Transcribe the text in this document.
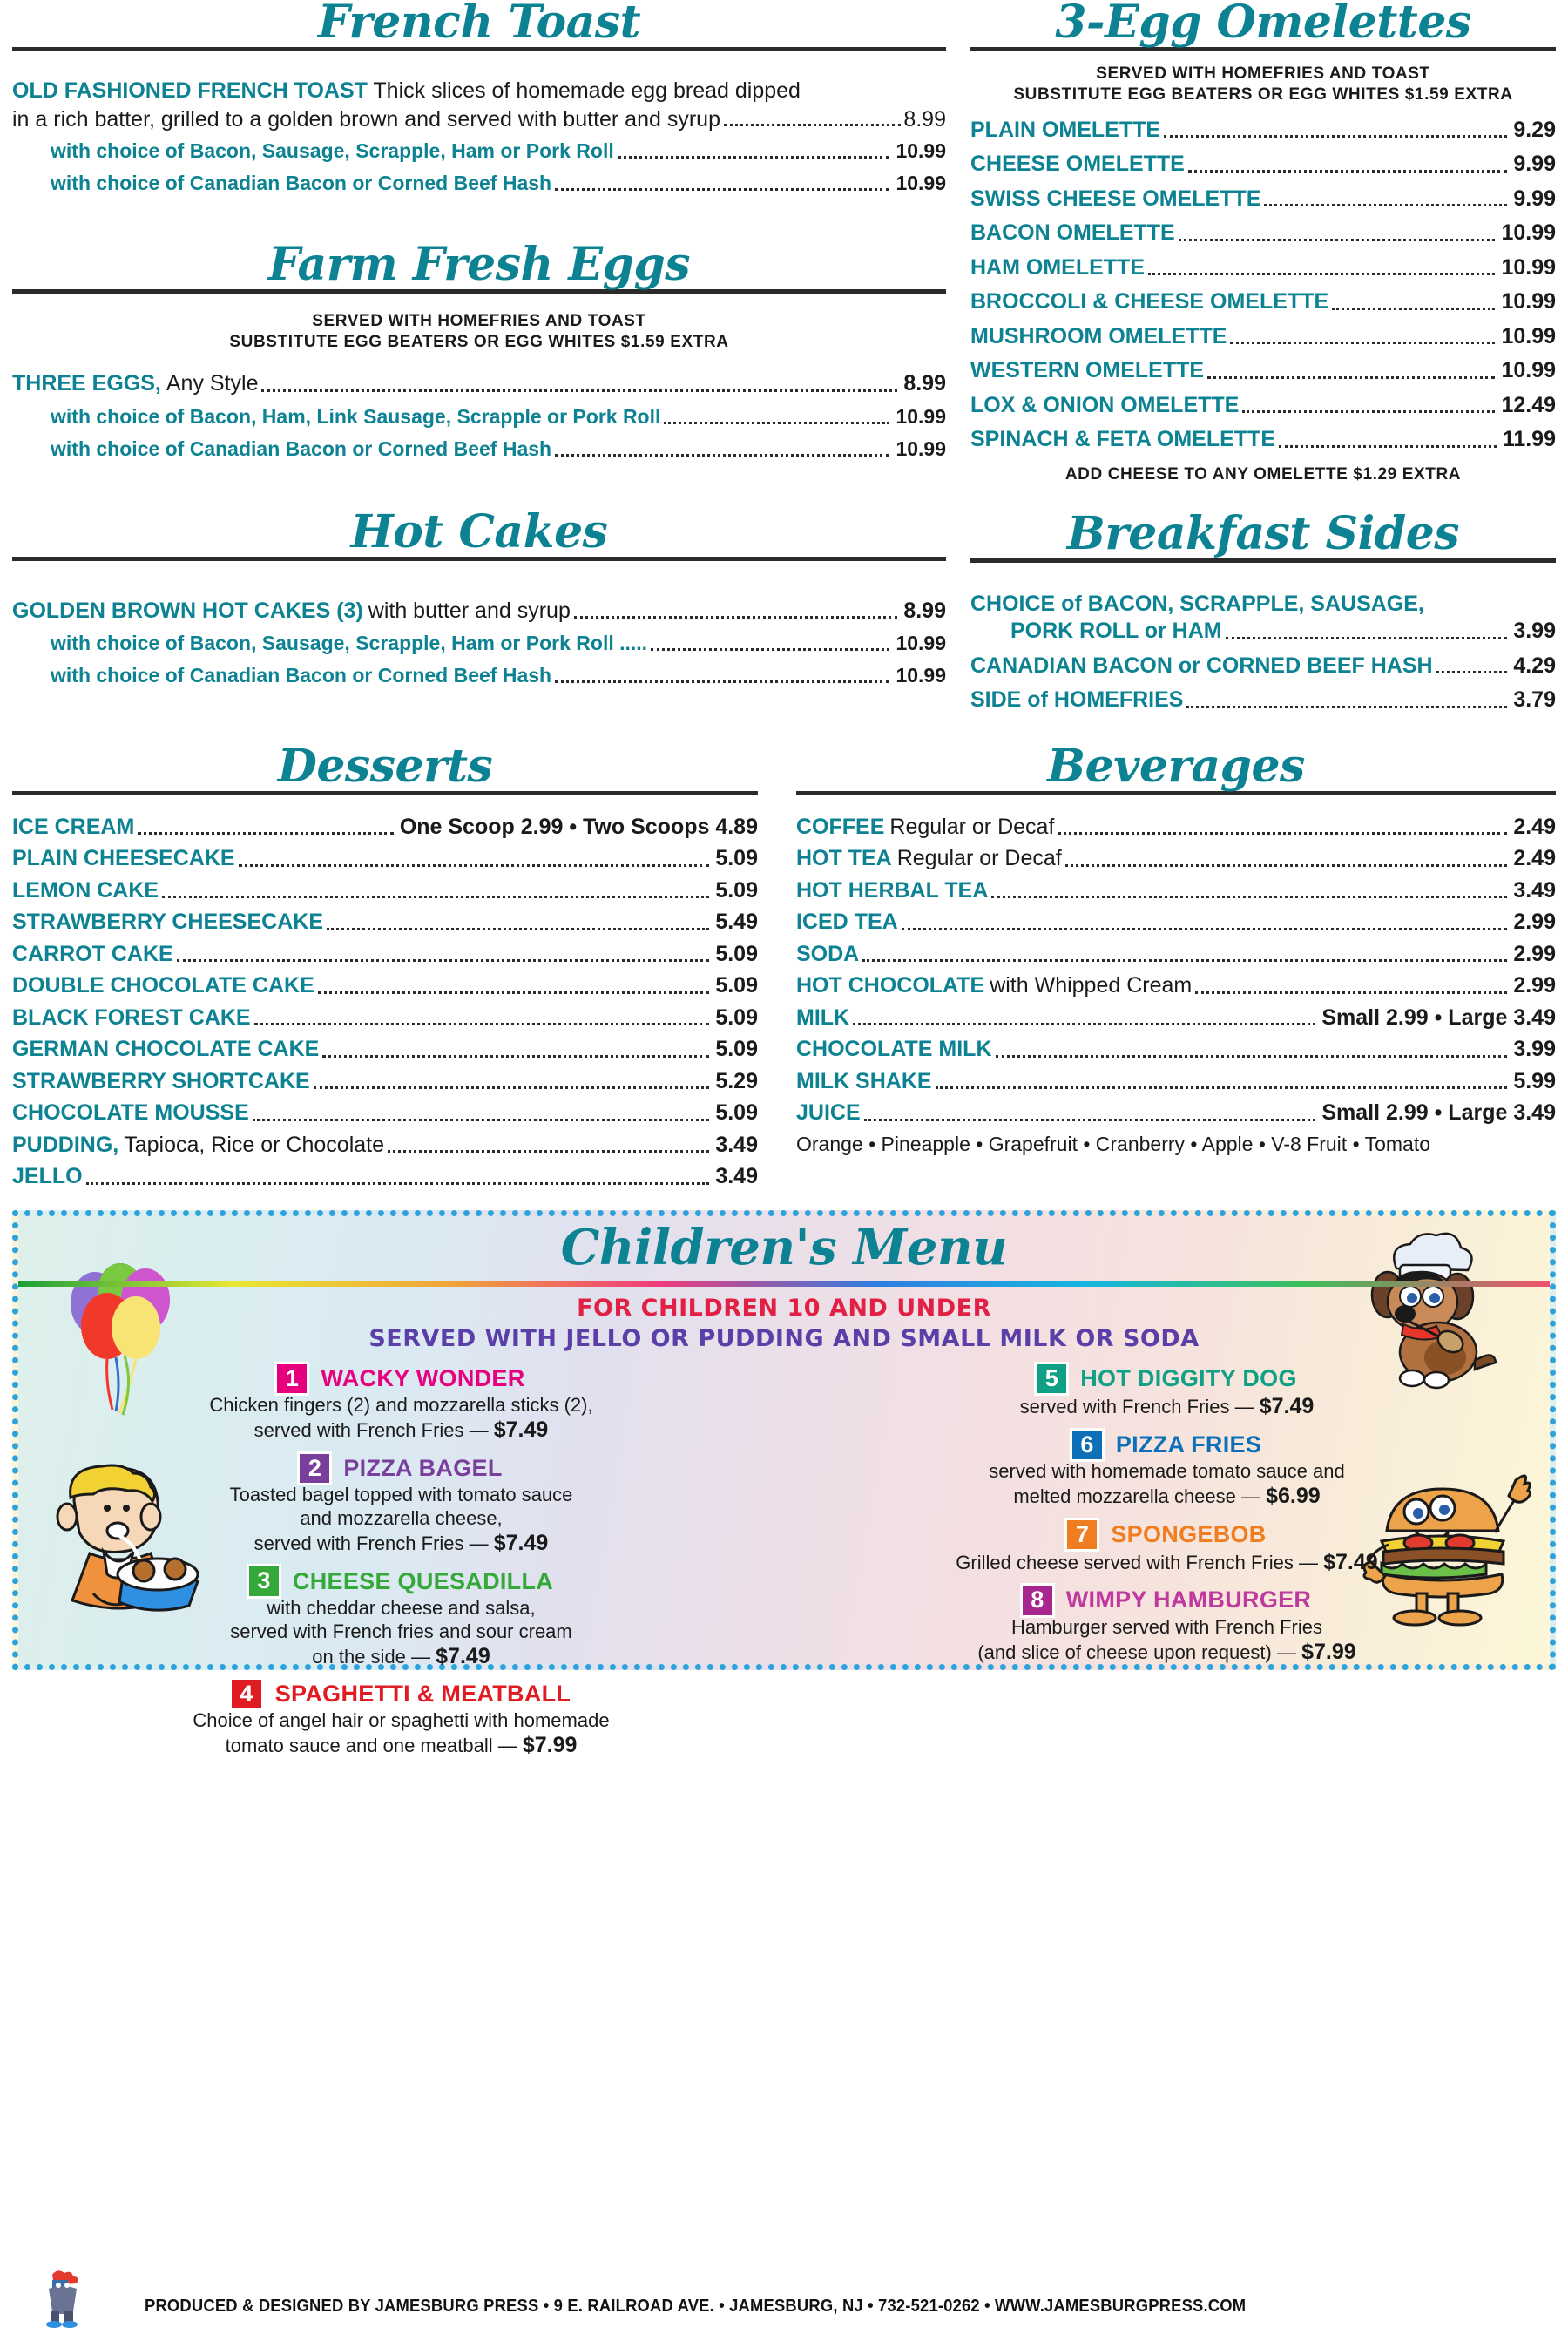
French Toast
OLD FASHIONED FRENCH TOAST Thick slices of homemade egg bread dipped
in a rich batter, grilled to a golden brown and served with butter and syrup	8.99
with choice of Bacon, Sausage, Scrapple, Ham or Pork Roll	10.99
with choice of Canadian Bacon or Corned Beef Hash	10.99
Farm Fresh Eggs
SERVED WITH HOMEFRIES AND TOAST
SUBSTITUTE EGG BEATERS OR EGG WHITES $1.59 EXTRA
THREE EGGS, Any Style	8.99
with choice of Bacon, Ham, Link Sausage, Scrapple or Pork Roll	10.99
with choice of Canadian Bacon or Corned Beef Hash	10.99
Hot Cakes
GOLDEN BROWN HOT CAKES (3) with butter and syrup	8.99
with choice of Bacon, Sausage, Scrapple, Ham or Pork Roll .....	10.99
with choice of Canadian Bacon or Corned Beef Hash	10.99
3-Egg Omelettes
SERVED WITH HOMEFRIES AND TOAST
SUBSTITUTE EGG BEATERS OR EGG WHITES $1.59 EXTRA
PLAIN OMELETTE	9.29
CHEESE OMELETTE	9.99
SWISS CHEESE OMELETTE	9.99
BACON OMELETTE	10.99
HAM OMELETTE	10.99
BROCCOLI & CHEESE OMELETTE	10.99
MUSHROOM OMELETTE	10.99
WESTERN OMELETTE	10.99
LOX & ONION OMELETTE	12.49
SPINACH & FETA OMELETTE	11.99
ADD CHEESE TO ANY OMELETTE $1.29 EXTRA
Breakfast Sides
CHOICE of BACON, SCRAPPLE, SAUSAGE,
PORK ROLL or HAM	3.99
CANADIAN BACON or CORNED BEEF HASH	4.29
SIDE of HOMEFRIES	3.79
Desserts
ICE CREAM	One Scoop 2.99 • Two Scoops 4.89
PLAIN CHEESECAKE	5.09
LEMON CAKE	5.09
STRAWBERRY CHEESECAKE	5.49
CARROT CAKE	5.09
DOUBLE CHOCOLATE CAKE	5.09
BLACK FOREST CAKE	5.09
GERMAN CHOCOLATE CAKE	5.09
STRAWBERRY SHORTCAKE	5.29
CHOCOLATE MOUSSE	5.09
PUDDING, Tapioca, Rice or Chocolate	3.49
JELLO	3.49
Beverages
COFFEE Regular or Decaf	2.49
HOT TEA Regular or Decaf	2.49
HOT HERBAL TEA	3.49
ICED TEA	2.99
SODA	2.99
HOT CHOCOLATE with Whipped Cream	2.99
MILK	Small 2.99 • Large 3.49
CHOCOLATE MILK	3.99
MILK SHAKE	5.99
JUICE	Small 2.99 • Large 3.49
Orange • Pineapple • Grapefruit • Cranberry • Apple • V-8 Fruit • Tomato
Children's Menu
FOR CHILDREN 10 AND UNDER
SERVED WITH JELLO OR PUDDING AND SMALL MILK OR SODA
1 WACKY WONDER
Chicken fingers (2) and mozzarella sticks (2),
served with French Fries — $7.49
2 PIZZA BAGEL
Toasted bagel topped with tomato sauce
and mozzarella cheese,
served with French Fries — $7.49
3 CHEESE QUESADILLA
with cheddar cheese and salsa,
served with French fries and sour cream
on the side — $7.49
4 SPAGHETTI & MEATBALL
Choice of angel hair or spaghetti with homemade
tomato sauce and one meatball — $7.99
5 HOT DIGGITY DOG
served with French Fries — $7.49
6 PIZZA FRIES
served with homemade tomato sauce and
melted mozzarella cheese — $6.99
7 SPONGEBOB
Grilled cheese served with French Fries — $7.49
8 WIMPY HAMBURGER
Hamburger served with French Fries
(and slice of cheese upon request) — $7.99
PRODUCED & DESIGNED BY JAMESBURG PRESS • 9 E. RAILROAD AVE. • JAMESBURG, NJ • 732-521-0262 • WWW.JAMESBURGPRESS.COM
